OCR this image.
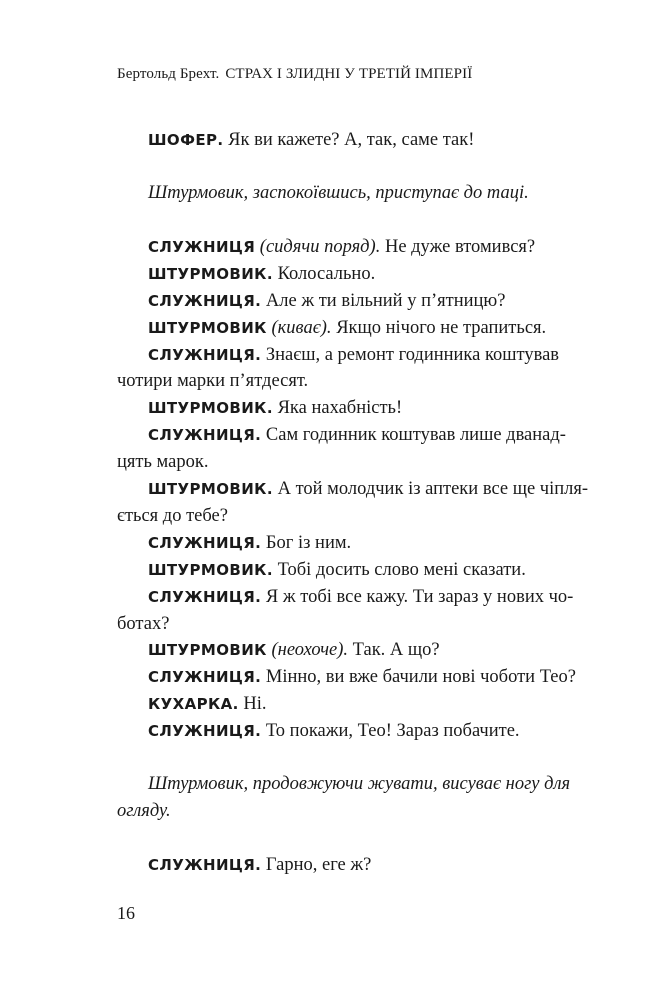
Бертольд Брехт. СТРАХ І ЗЛИДНІ У ТРЕТІЙ ІМПЕРІЇ
ШОФЕР. Як ви кажете? А, так, саме так!
Штурмовик, заспокоївшись, приступає до таці.
СЛУЖНИЦЯ (сидячи поряд). Не дуже втомився?
ШТУРМОВИК. Колосально.
СЛУЖНИЦЯ. Але ж ти вільний у п’ятницю?
ШТУРМОВИК (киває). Якщо нічого не трапиться.
СЛУЖНИЦЯ. Знаєш, а ремонт годинника коштував
чотири марки п’ятдесят.
ШТУРМОВИК. Яка нахабність!
СЛУЖНИЦЯ. Сам годинник коштував лише дванад-
цять марок.
ШТУРМОВИК. А той молодчик із аптеки все ще чіпля-
ється до тебе?
СЛУЖНИЦЯ. Бог із ним.
ШТУРМОВИК. Тобі досить слово мені сказати.
СЛУЖНИЦЯ. Я ж тобі все кажу. Ти зараз у нових чо-
ботах?
ШТУРМОВИК (неохоче). Так. А що?
СЛУЖНИЦЯ. Мінно, ви вже бачили нові чоботи Тео?
КУХАРКА. Ні.
СЛУЖНИЦЯ. То покажи, Тео! Зараз побачите.
Штурмовик, продовжуючи жувати, висуває ногу для
огляду.
СЛУЖНИЦЯ. Гарно, еге ж?
16
